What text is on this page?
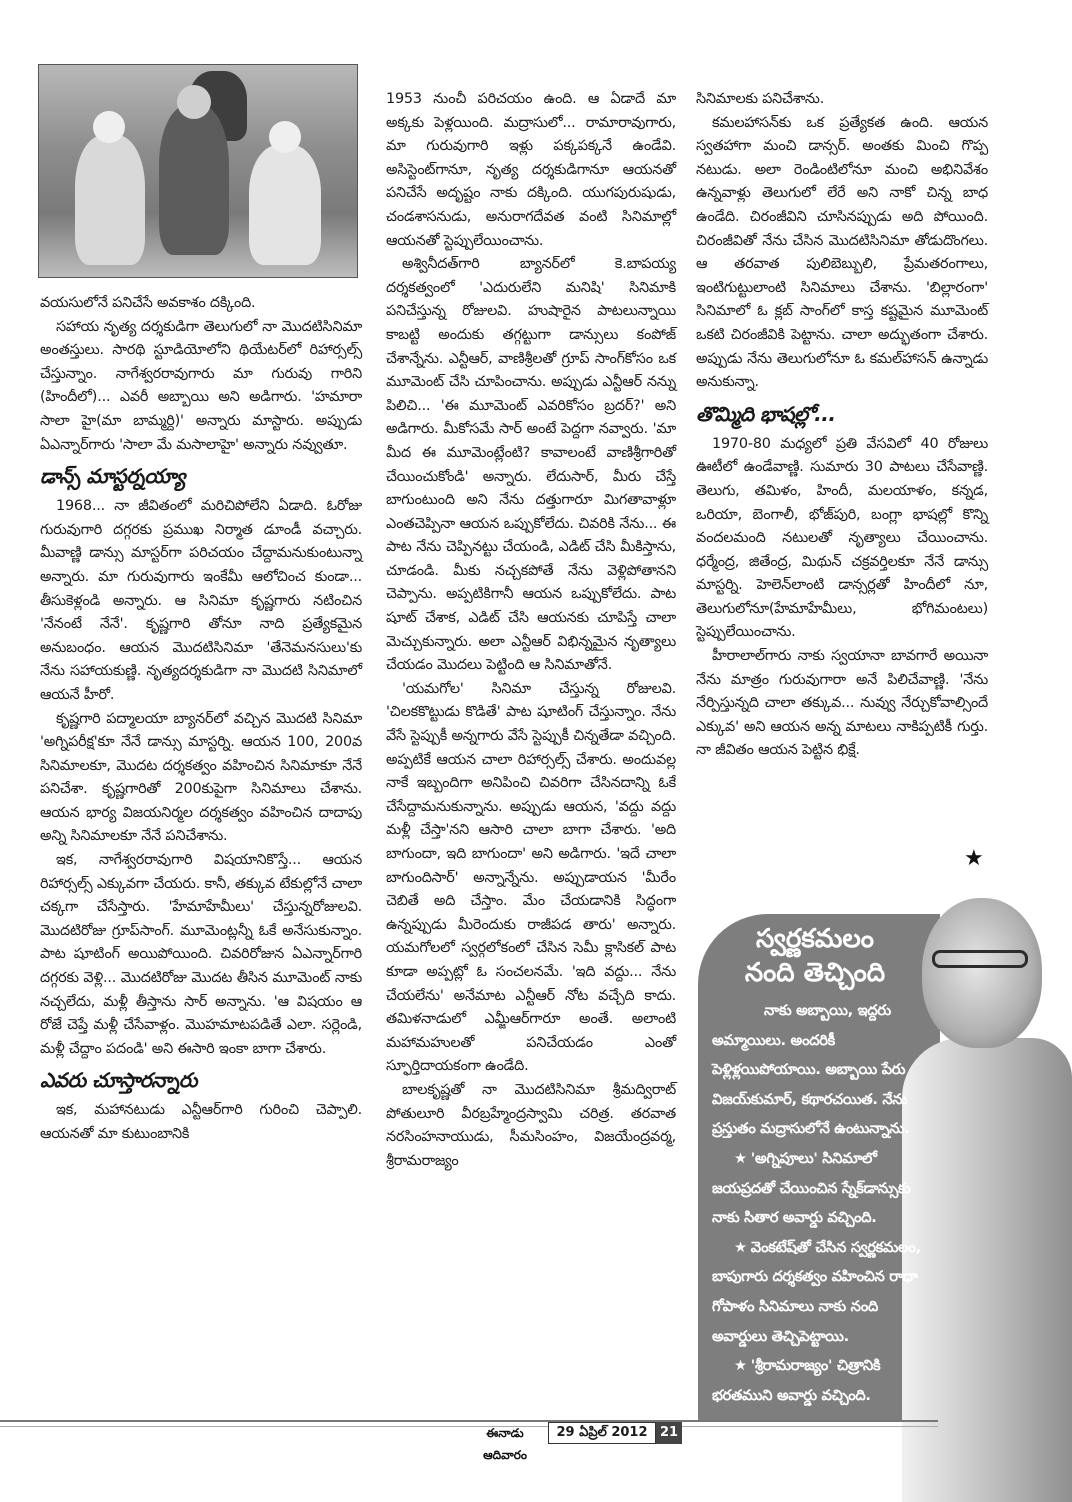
వయసులోనే పనిచేసే అవకాశం దక్కింది.

సహాయ నృత్య దర్శకుడిగా తెలుగులో నా మొదటిసినిమా అంతస్తులు. సారథి స్టూడియోలోని థియేటర్‌లో రిహార్సల్స్ చేస్తున్నాం. నాగేశ్వరరావుగారు మా గురువు గారిని (హిందీలో)... ఎవరీ అబ్బాయి అని అడిగారు. 'హమారా సాలా హై(మా బామ్మర్ది)' అన్నారు మాస్టారు. అప్పుడు ఏఎన్నార్‌గారు 'సాలా మే మసాలాహై' అన్నారు నవ్వుతూ.

డాన్స్ మాస్టర్నయ్యా

1968... నా జీవితంలో మరిచిపోలేని ఏడాది. ఓరోజు గురువుగారి దగ్గరకు ప్రముఖ నిర్మాత డూండీ వచ్చారు. మీవాణ్ణి డాన్సు మాస్టర్‌గా పరిచయం చేద్దామనుకుంటున్నా అన్నారు. మా గురువుగారు ఇంకేమీ ఆలోచించ కుండా... తీసుకెళ్లండి అన్నారు. ఆ సినిమా కృష్ణగారు నటించిన 'నేనంటే నేనే'. కృష్ణగారి తోనూ నాది ప్రత్యేకమైన అనుబంధం. ఆయన మొదటిసినిమా 'తేనెమనసులు'కు నేను సహాయకుణ్ణి. నృత్యదర్శకుడిగా నా మొదటి సినిమాలో ఆయనే హీరో.

కృష్ణగారి పద్మాలయా బ్యానర్‌లో వచ్చిన మొదటి సినిమా 'అగ్నిపరీక్ష'కూ నేనే డాన్సు మాస్టర్ని. ఆయన 100, 200వ సినిమాలకూ, మొదట దర్శకత్వం వహించిన సినిమాకూ నేనే పనిచేశా. కృష్ణగారితో 200కుపైగా సినిమాలు చేశాను. ఆయన భార్య విజయనిర్మల దర్శకత్వం వహించిన దాదాపు అన్ని సినిమాలకూ నేనే పనిచేశాను.

ఇక, నాగేశ్వరరావుగారి విషయానికొస్తే... ఆయన రిహార్సల్స్ ఎక్కువగా చేయరు. కానీ, తక్కువ టేకుల్లోనే చాలా చక్కగా చేసేస్తారు. 'హేమాహేమీలు' చేస్తున్నరోజులవి. మొదటిరోజు గ్రూప్‌సాంగ్. మూమెంట్లన్నీ ఓకే అనేసుకున్నాం. పాట షూటింగ్ అయిపోయింది. చివరిరోజున ఏఎన్నార్‌గారి దగ్గరకు వెళ్లి... మొదటిరోజు మొదట తీసిన మూమెంట్ నాకు నచ్చలేదు, మళ్లీ తీస్తాను సార్ అన్నాను. 'ఆ విషయం ఆ రోజే చెప్తే మళ్లీ చేసేవాళ్లం. మొహమాటపడితే ఎలా. సర్లెండి, మళ్లీ చేద్దాం పదండి' అని ఈసారి ఇంకా బాగా చేశారు.

ఎవరు చూస్తారన్నారు

ఇక, మహానటుడు ఎన్టీఆర్‌గారి గురించి చెప్పాలి. ఆయనతో మా కుటుంబానికి

1953 నుంచీ పరిచయం ఉంది. ఆ ఏడాదే మా అక్కకు పెళ్లయింది. మద్రాసులో... రామారావుగారు, మా గురువుగారి ఇళ్లు పక్కపక్కనే ఉండేవి. అసిస్టెంట్‌గానూ, నృత్య దర్శకుడిగానూ ఆయనతో పనిచేసే అదృష్టం నాకు దక్కింది. యుగపురుషుడు, చండశాసనుడు, అనురాగదేవత వంటి సినిమాల్లో ఆయనతో స్టెప్పులేయించాను.

అశ్వినీదత్‌గారి బ్యానర్‌లో కె.బాపయ్య దర్శకత్వంలో 'ఎదురులేని మనిషి' సినిమాకి పనిచేస్తున్న రోజులవి. హుషారైన పాటలున్నాయి కాబట్టి అందుకు తగ్గట్టుగా డాన్సులు కంపోజ్ చేశాన్నేను. ఎన్టీఆర్, వాణిశ్రీలతో గ్రూప్ సాంగ్‌కోసం ఒక మూమెంట్ చేసి చూపించాను. అప్పుడు ఎన్టీఆర్ నన్ను పిలిచి... 'ఈ మూమెంట్ ఎవరికోసం బ్రదర్?' అని అడిగారు. మీకోసమే సార్ అంటే పెద్దగా నవ్వారు. 'మా మీద ఈ మూమెంట్లేంటి? కావాలంటే వాణిశ్రీగారితో చేయించుకోండి' అన్నారు. లేదుసార్, మీరు చేస్తే బాగుంటుంది అని నేను దత్తుగారూ మిగతావాళ్లూ ఎంతచెప్పినా ఆయన ఒప్పుకోలేదు. చివరికి నేను... ఈ పాట నేను చెప్పినట్టు చేయండి, ఎడిట్ చేసి మీకిస్తాను, చూడండి. మీకు నచ్చకపోతే నేను వెళ్లిపోతానని చెప్పాను. అప్పటికిగానీ ఆయన ఒప్పుకోలేదు. పాట షూట్ చేశాక, ఎడిట్ చేసి ఆయనకు చూపిస్తే చాలా మెచ్చుకున్నారు. అలా ఎన్టీఆర్ విభిన్నమైన నృత్యాలు చేయడం మొదలు పెట్టింది ఆ సినిమాతోనే.

'యమగోల' సినిమా చేస్తున్న రోజులవి. 'చిలకకొట్టుడు కొడితే' పాట షూటింగ్ చేస్తున్నాం. నేను వేసే స్టెప్పుకీ అన్నగారు వేసే స్టెప్పుకీ చిన్నతేడా వచ్చింది. అప్పటికే ఆయన చాలా రిహార్సల్స్ చేశారు. అందువల్ల నాకే ఇబ్బందిగా అనిపించి చివరిగా చేసినదాన్ని ఓకే చేసేద్దామనుకున్నాను. అప్పుడు ఆయన, 'వద్దు వద్దు మళ్లీ చేస్తా'నని ఆసారి చాలా బాగా చేశారు. 'అది బాగుందా, ఇది బాగుందా' అని అడిగారు. 'ఇదే చాలా బాగుందిసార్' అన్నాన్నేను. అప్పుడాయన 'మీరేం చెబితే అది చేస్తాం. మేం చేయడానికి సిద్ధంగా ఉన్నప్పుడు మీరెందుకు రాజీపడ తారు' అన్నారు. యమగోలలో స్వర్గలోకంలో చేసిన సెమీ క్లాసికల్ పాట కూడా అప్పట్లో ఓ సంచలనమే. 'ఇది వద్దు... నేను చేయలేను' అనేమాట ఎన్టీఆర్ నోట వచ్చేది కాదు. తమిళనాడులో ఎమ్జీఆర్‌గారూ అంతే. అలాంటి మహామహులతో పనిచేయడం ఎంతో స్ఫూర్తిదాయకంగా ఉండేది.

బాలకృష్ణతో నా మొదటిసినిమా శ్రీమద్విరాట్ పోతులూరి వీరబ్రహ్మేంద్రస్వామి చరిత్ర. తరవాత నరసింహనాయుడు, సీమసింహం, విజయేంద్రవర్మ, శ్రీరామరాజ్యం

సినిమాలకు పనిచేశాను.

కమలహాసన్‌కు ఒక ప్రత్యేకత ఉంది. ఆయన స్వతహాగా మంచి డాన్సర్. అంతకు మించి గొప్ప నటుడు. అలా రెండింటిలోనూ మంచి అభినివేశం ఉన్నవాళ్లు తెలుగులో లేరే అని నాకో చిన్న బాధ ఉండేది. చిరంజీవిని చూసినప్పుడు అది పోయింది. చిరంజీవితో నేను చేసిన మొదటిసినిమా తోడుదొంగలు. ఆ తరవాత పులిబెబ్బులి, ప్రేమతరంగాలు, ఇంటిగుట్టులాంటి సినిమాలు చేశాను. 'బిల్లారంగా' సినిమాలో ఓ క్లబ్ సాంగ్‌లో కాస్త కష్టమైన మూమెంట్ ఒకటి చిరంజీవికి పెట్టాను. చాలా అద్భుతంగా చేశారు. అప్పుడు నేను తెలుగులోనూ ఓ కమల్‌హాసన్ ఉన్నాడు అనుకున్నా.

తొమ్మిది భాషల్లో...

1970-80 మధ్యలో ప్రతి వేసవిలో 40 రోజులు ఊటీలో ఉండేవాణ్ణి. సుమారు 30 పాటలు చేసేవాణ్ణి. తెలుగు, తమిళం, హిందీ, మలయాళం, కన్నడ, ఒరియా, బెంగాలీ, భోజ్‌పురి, బంగ్లా భాషల్లో కొన్ని వందలమంది నటులతో నృత్యాలు చేయించాను. ధర్మేంద్ర, జితేంద్ర, మిథున్ చక్రవర్తిలకూ నేనే డాన్సు మాస్టర్ని. హెలెన్‌లాంటి డాన్సర్లతో హిందీలో నూ, తెలుగులోనూ(హేమాహేమీలు, భోగిమంటలు) స్టెప్పులేయించాను.

హీరాలాల్‌గారు నాకు స్వయానా బావగారే అయినా నేను మాత్రం గురువుగారా అనే పిలిచేవాణ్ణి. 'నేను నేర్పిస్తున్నది చాలా తక్కువ... నువ్వు నేర్చుకోవాల్సిందే ఎక్కువ' అని ఆయన అన్న మాటలు నాకిప్పటికీ గుర్తు. నా జీవితం ఆయన పెట్టిన భిక్షే.

★
స్వర్ణకమలం
నంది తెచ్చింది

నాకు అబ్బాయి, ఇద్దరు అమ్మాయిలు. అందరికీ పెళ్లిళ్లయిపోయాయి. అబ్బాయి పేరు విజయ్‌కుమార్, కథారచయిత. నేను ప్రస్తుతం మద్రాసులోనే ఉంటున్నాను.

★ 'అగ్నిపూలు' సినిమాలో జయప్రదతో చేయించిన స్నేక్‌డాన్సుకు నాకు సితార అవార్డు వచ్చింది.

★ వెంకటేష్‌తో చేసిన స్వర్ణకమలం, బాపుగారు దర్శకత్వం వహించిన రాధా గోపాళం సినిమాలు నాకు నంది అవార్డులు తెచ్చిపెట్టాయి.

★ 'శ్రీరామరాజ్యం' చిత్రానికి భరతముని అవార్డు వచ్చింది.

ఈనాడు ఆదివారం
29 ఏప్రిల్ 2012 21
